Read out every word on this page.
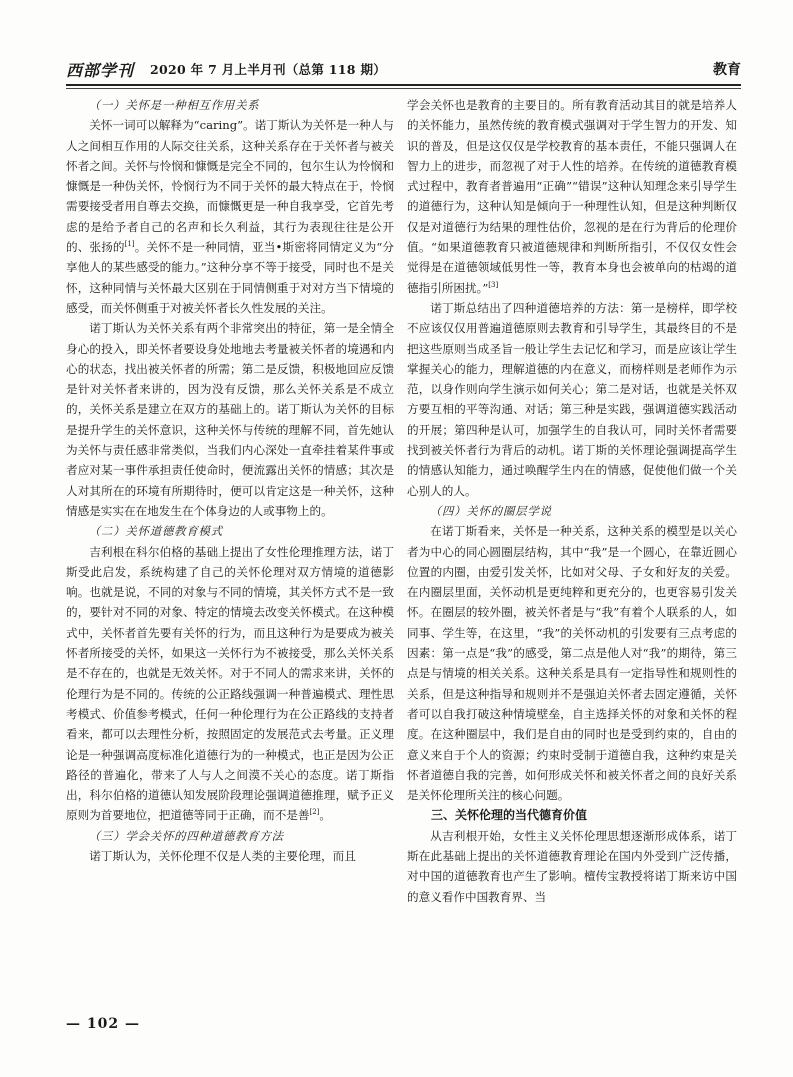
西部学刊 2020 年 7 月上半月刊（总第 118 期）	教育
（一）关怀是一种相互作用关系

关怀一词可以解释为“caring”。诺丁斯认为关怀是一种人与人之间相互作用的人际交往关系，这种关系存在于关怀者与被关怀者之间。关怀与怜悯和慷慨是完全不同的，包尔生认为怜悯和慷慨是一种伪关怀，怜悯行为不同于关怀的最大特点在于，怜悯需要接受者用自尊去交换，而慷慨更是一种自我享受，它首先考虑的是给予者自己的名声和长久利益，其行为表现往往是公开的、张扬的[1]。关怀不是一种同情，亚当•斯密将同情定义为“分享他人的某些感受的能力。”这种分享不等于接受，同时也不是关怀，这种同情与关怀最大区别在于同情侧重于对对方当下情境的感受，而关怀侧重于对被关怀者长久性发展的关注。

诺丁斯认为关怀关系有两个非常突出的特征，第一是全情全身心的投入，即关怀者要设身处地地去考量被关怀者的境遇和内心的状态，找出被关怀者的所需；第二是反馈，积极地回应反馈是针对关怀者来讲的，因为没有反馈，那么关怀关系是不成立的，关怀关系是建立在双方的基础上的。诺丁斯认为关怀的目标是提升学生的关怀意识，这种关怀与传统的理解不同，首先她认为关怀与责任感非常类似，当我们内心深处一直牵挂着某件事或者应对某一事件承担责任使命时，便流露出关怀的情感；其次是人对其所在的环境有所期待时，便可以肯定这是一种关怀，这种情感是实实在在地发生在个体身边的人或事物上的。

（二）关怀道德教育模式

吉利根在科尔伯格的基础上提出了女性伦理推理方法，诺丁斯受此启发，系统构建了自己的关怀伦理对双方情境的道德影响。也就是说，不同的对象与不同的情境，其关怀方式不是一致的，要针对不同的对象、特定的情境去改变关怀模式。在这种模式中，关怀者首先要有关怀的行为，而且这种行为是要成为被关怀者所接受的关怀，如果这一关怀行为不被接受，那么关怀关系是不存在的，也就是无效关怀。对于不同人的需求来讲，关怀的伦理行为是不同的。传统的公正路线强调一种普遍模式、理性思考模式、价值参考模式，任何一种伦理行为在公正路线的支持者看来，都可以去理性分析，按照固定的发展范式去考量。正义理论是一种强调高度标准化道德行为的一种模式，也正是因为公正路径的普遍化，带来了人与人之间漠不关心的态度。诺丁斯指出，科尔伯格的道德认知发展阶段理论强调道德推理，赋予正义原则为首要地位，把道德等同于正确，而不是善[2]。

（三）学会关怀的四种道德教育方法

诺丁斯认为，关怀伦理不仅是人类的主要伦理，而且

学会关怀也是教育的主要目的。所有教育活动其目的就是培养人的关怀能力，虽然传统的教育模式强调对于学生智力的开发、知识的普及，但是这仅仅是学校教育的基本责任，不能只强调人在智力上的进步，而忽视了对于人性的培养。在传统的道德教育模式过程中，教育者普遍用“正确”“错误”这种认知理念来引导学生的道德行为，这种认知是倾向于一种理性认知，但是这种判断仅仅是对道德行为结果的理性估价，忽视的是在行为背后的伦理价值。“如果道德教育只被道德规律和判断所指引，不仅仅女性会觉得是在道德领域低男性一等，教育本身也会被单向的枯竭的道德指引所困扰。”[3]

诺丁斯总结出了四种道德培养的方法：第一是榜样，即学校不应该仅仅用普遍道德原则去教育和引导学生，其最终目的不是把这些原则当成圣旨一般让学生去记忆和学习，而是应该让学生掌握关心的能力，理解道德的内在意义，而榜样则是老师作为示范，以身作则向学生演示如何关心；第二是对话，也就是关怀双方要互相的平等沟通、对话；第三种是实践，强调道德实践活动的开展；第四种是认可，加强学生的自我认可，同时关怀者需要找到被关怀者行为背后的动机。诺丁斯的关怀理论强调提高学生的情感认知能力，通过唤醒学生内在的情感，促使他们做一个关心别人的人。

（四）关怀的圈层学说

在诺丁斯看来，关怀是一种关系，这种关系的模型是以关心者为中心的同心圆圈层结构，其中“我”是一个圆心，在靠近圆心位置的内圈，由爱引发关怀，比如对父母、子女和好友的关爱。在内圈层里面，关怀动机是更纯粹和更充分的，也更容易引发关怀。在圈层的较外圈，被关怀者是与“我”有着个人联系的人，如同事、学生等，在这里，“我”的关怀动机的引发要有三点考虑的因素：第一点是“我”的感受，第二点是他人对“我”的期待，第三点是与情境的相关关系。这种关系是具有一定指导性和规则性的关系，但是这种指导和规则并不是强迫关怀者去固定遵循，关怀者可以自我打破这种情境壁垒，自主选择关怀的对象和关怀的程度。在这种圈层中，我们是自由的同时也是受到约束的，自由的意义来自于个人的资源；约束时受制于道德自我，这种约束是关怀者道德自我的完善，如何形成关怀和被关怀者之间的良好关系是关怀伦理所关注的核心问题。

三、关怀伦理的当代德育价值

从吉利根开始，女性主义关怀伦理思想逐渐形成体系，诺丁斯在此基础上提出的关怀道德教育理论在国内外受到广泛传播，对中国的道德教育也产生了影响。檀传宝教授将诺丁斯来访中国的意义看作中国教育界、当

— 102 —
